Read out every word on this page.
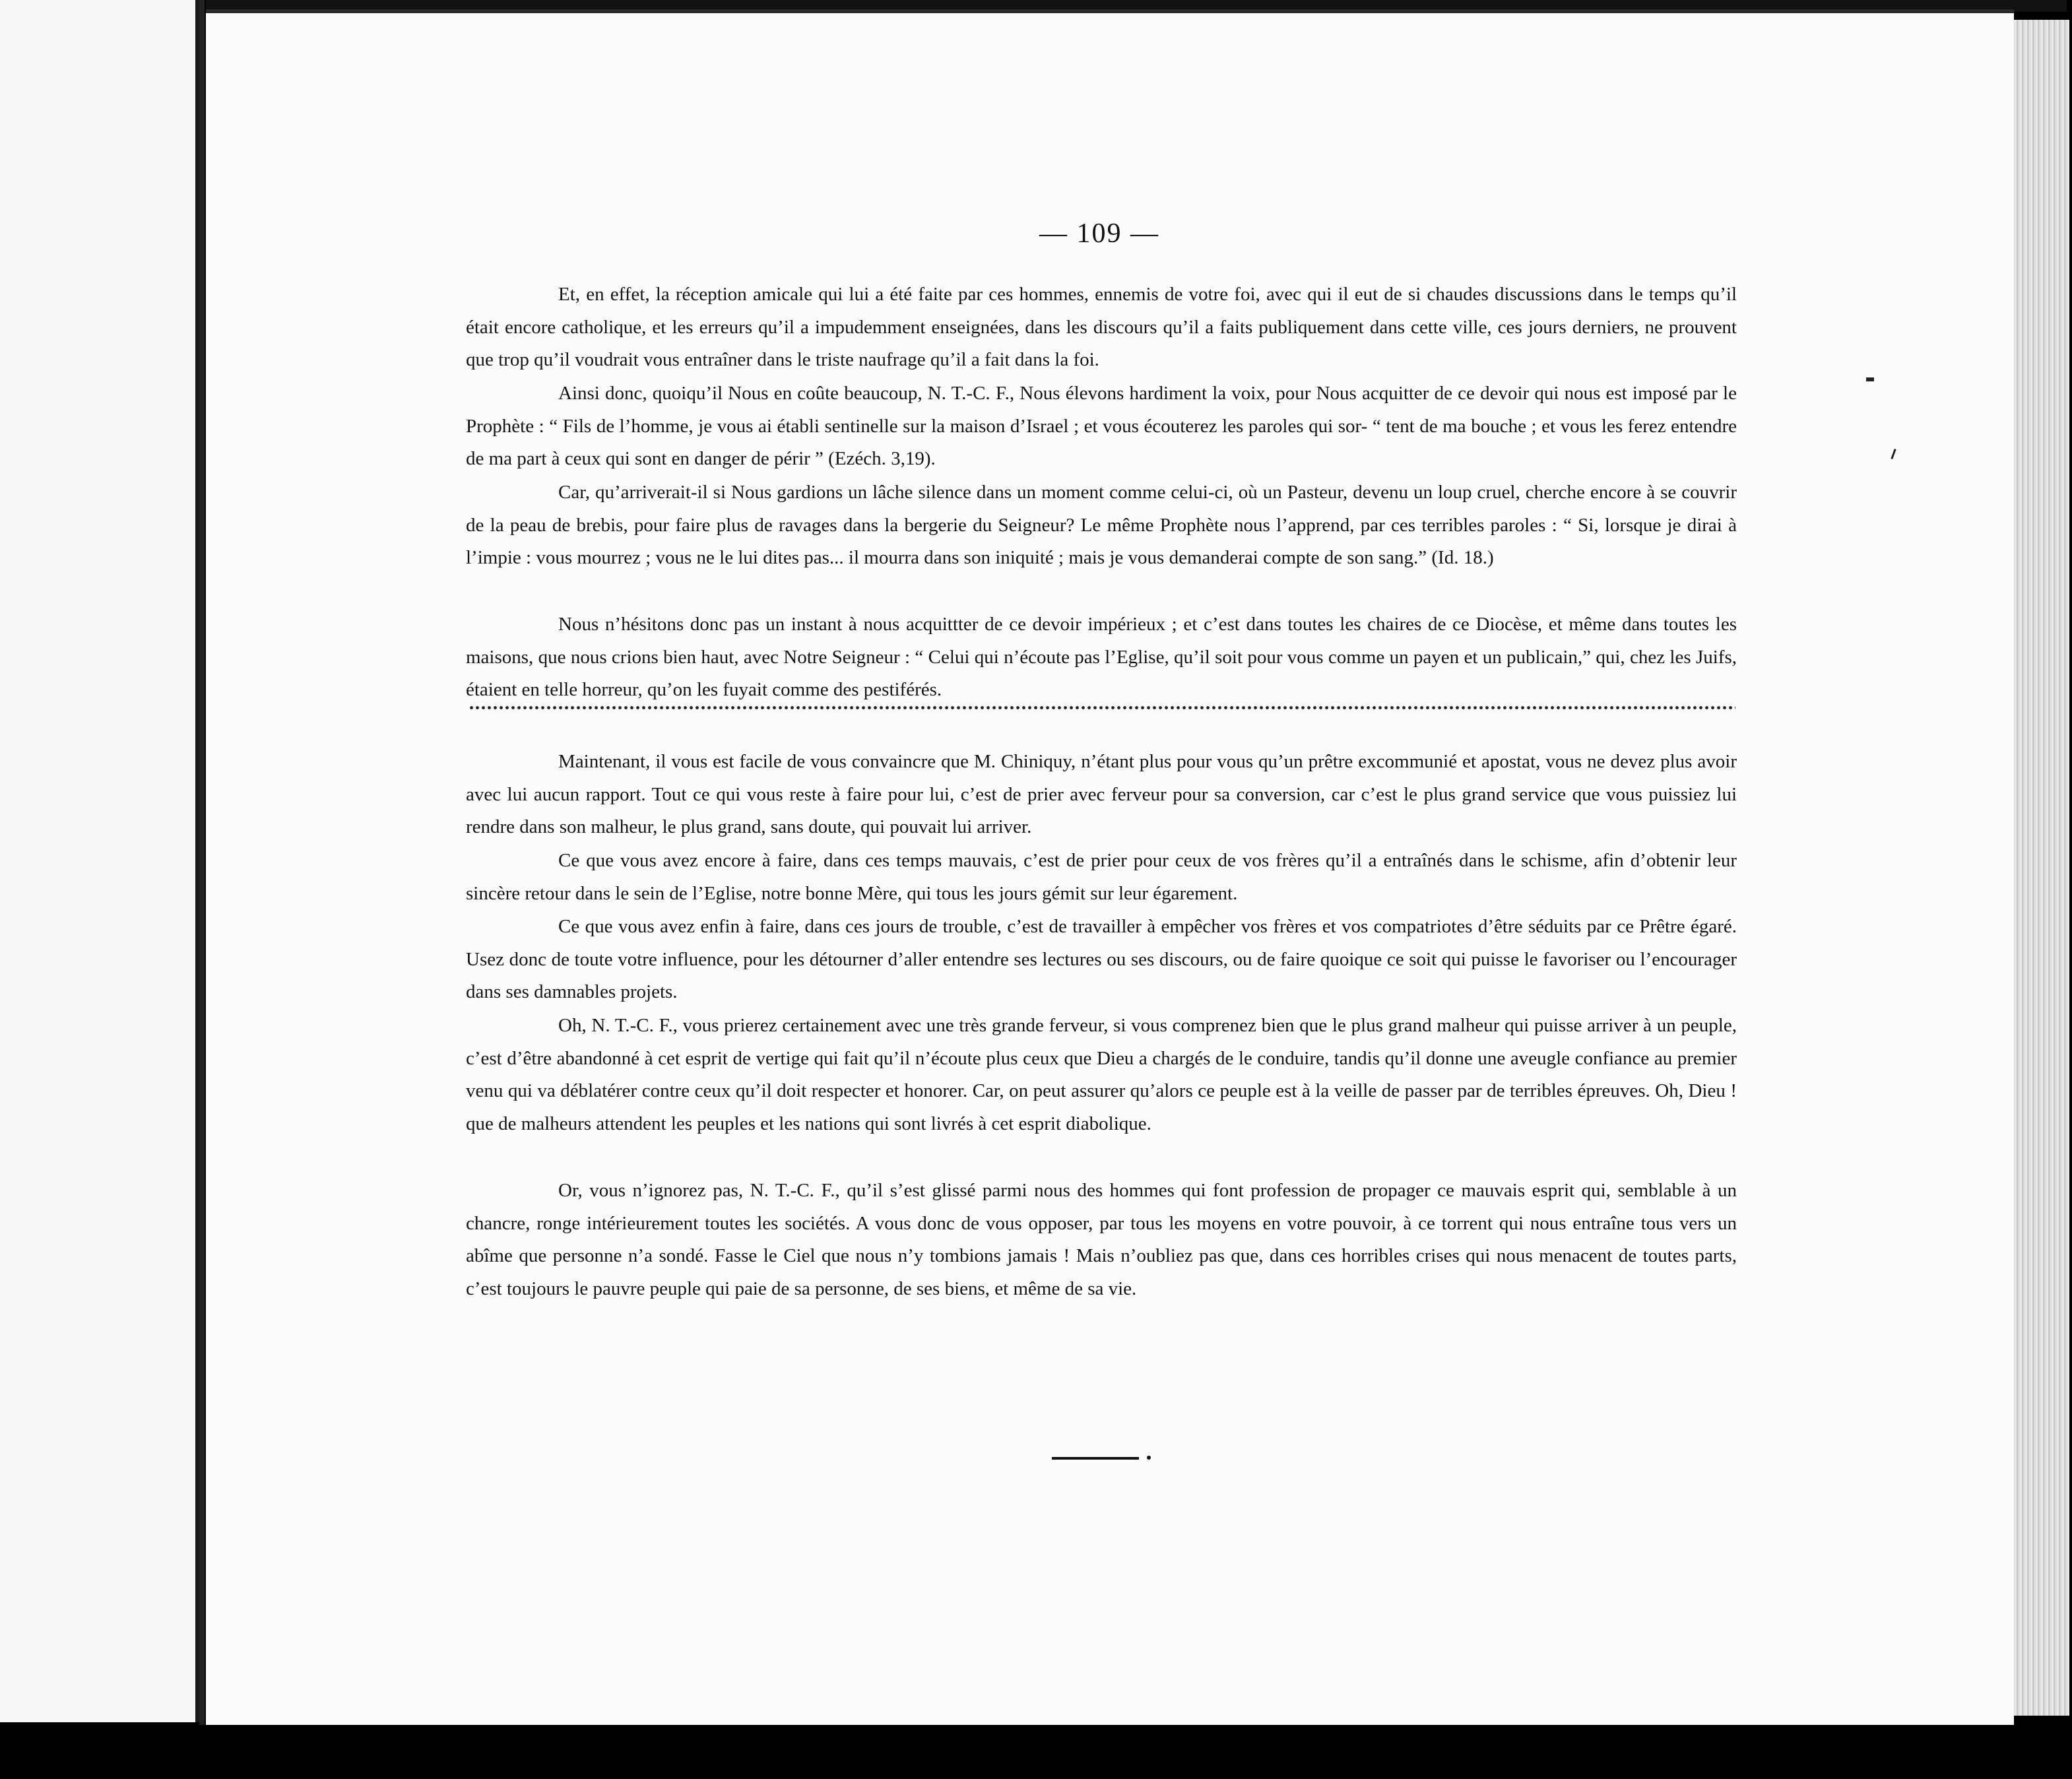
— 109 —

Et, en effet, la réception amicale qui lui a été faite par ces hommes, ennemis de votre foi, avec qui il eut de si chaudes discussions dans le temps qu’il était encore catholique, et les erreurs qu’il a impudemment enseignées, dans les discours qu’il a faits publiquement dans cette ville, ces jours derniers, ne prouvent que trop qu’il voudrait vous entraîner dans le triste naufrage qu’il a fait dans la foi.

Ainsi donc, quoiqu’il Nous en coûte beaucoup, N. T.-C. F., Nous élevons hardiment la voix, pour Nous acquitter de ce devoir qui nous est imposé par le Prophète : “ Fils de l’homme, je vous ai établi sentinelle sur la maison d’Israel ; et vous écouterez les paroles qui sor- “ tent de ma bouche ; et vous les ferez entendre de ma part à ceux qui sont en danger de périr ” (Ezéch. 3,19).

Car, qu’arriverait-il si Nous gardions un lâche silence dans un moment comme celui-ci, où un Pasteur, devenu un loup cruel, cherche encore à se couvrir de la peau de brebis, pour faire plus de ravages dans la bergerie du Seigneur? Le même Prophète nous l’apprend, par ces terribles paroles : “ Si, lorsque je dirai à l’impie : vous mourrez ; vous ne le lui dites pas... il mourra dans son iniquité ; mais je vous demanderai compte de son sang.” (Id. 18.)

Nous n’hésitons donc pas un instant à nous acquittter de ce devoir impérieux ; et c’est dans toutes les chaires de ce Diocèse, et même dans toutes les maisons, que nous crions bien haut, avec Notre Seigneur : “ Celui qui n’écoute pas l’Eglise, qu’il soit pour vous comme un payen et un publicain,” qui, chez les Juifs, étaient en telle horreur, qu’on les fuyait comme des pestiférés.

Maintenant, il vous est facile de vous convaincre que M. Chiniquy, n’étant plus pour vous qu’un prêtre excommunié et apostat, vous ne devez plus avoir avec lui aucun rapport. Tout ce qui vous reste à faire pour lui, c’est de prier avec ferveur pour sa conversion, car c’est le plus grand service que vous puissiez lui rendre dans son malheur, le plus grand, sans doute, qui pouvait lui arriver.

Ce que vous avez encore à faire, dans ces temps mauvais, c’est de prier pour ceux de vos frères qu’il a entraînés dans le schisme, afin d’obtenir leur sincère retour dans le sein de l’Eglise, notre bonne Mère, qui tous les jours gémit sur leur égarement.

Ce que vous avez enfin à faire, dans ces jours de trouble, c’est de travailler à empêcher vos frères et vos compatriotes d’être séduits par ce Prêtre égaré. Usez donc de toute votre influence, pour les détourner d’aller entendre ses lectures ou ses discours, ou de faire quoique ce soit qui puisse le favoriser ou l’encourager dans ses damnables projets.

Oh, N. T.-C. F., vous prierez certainement avec une très grande ferveur, si vous comprenez bien que le plus grand malheur qui puisse arriver à un peuple, c’est d’être abandonné à cet esprit de vertige qui fait qu’il n’écoute plus ceux que Dieu a chargés de le conduire, tandis qu’il donne une aveugle confiance au premier venu qui va déblatérer contre ceux qu’il doit respecter et honorer. Car, on peut assurer qu’alors ce peuple est à la veille de passer par de terribles épreuves. Oh, Dieu ! que de malheurs attendent les peuples et les nations qui sont livrés à cet esprit diabolique.

Or, vous n’ignorez pas, N. T.-C. F., qu’il s’est glissé parmi nous des hommes qui font profession de propager ce mauvais esprit qui, semblable à un chancre, ronge intérieurement toutes les sociétés. A vous donc de vous opposer, par tous les moyens en votre pouvoir, à ce torrent qui nous entraîne tous vers un abîme que personne n’a sondé. Fasse le Ciel que nous n’y tombions jamais ! Mais n’oubliez pas que, dans ces horribles crises qui nous menacent de toutes parts, c’est toujours le pauvre peuple qui paie de sa personne, de ses biens, et même de sa vie.
